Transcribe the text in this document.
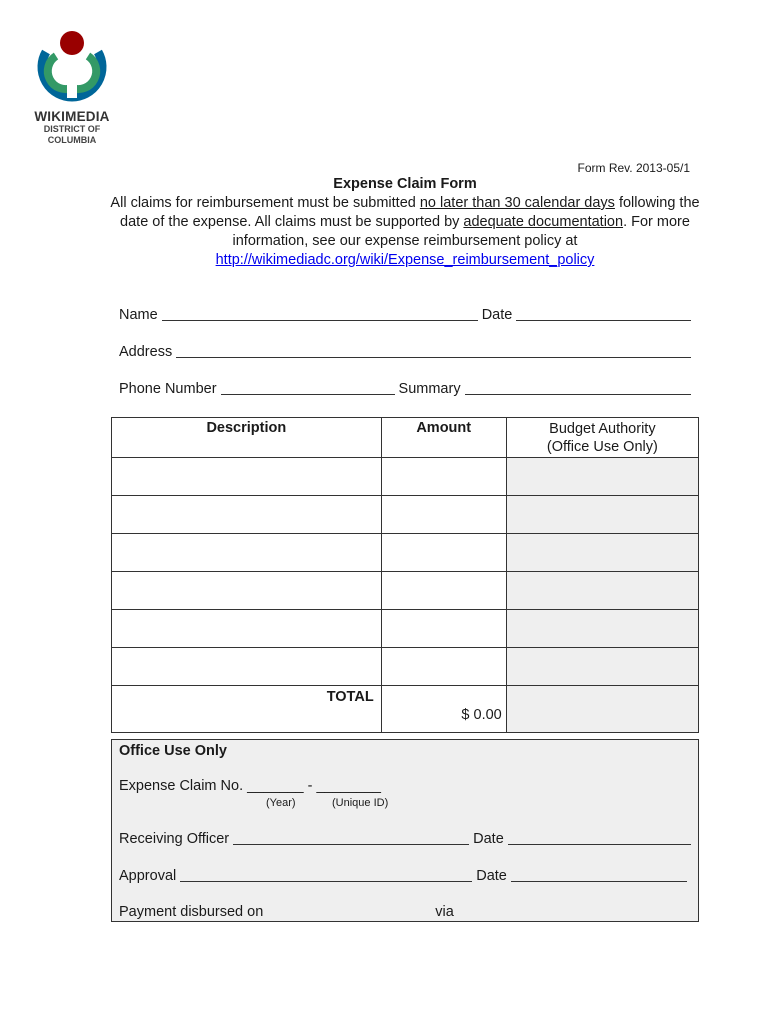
WIKIMEDIA
DISTRICT OF
COLUMBIA
Form Rev. 2013-05/1
Expense Claim Form
All claims for reimbursement must be submitted no later than 30 calendar days following the date of the expense. All claims must be supported by adequate documentation. For more information, see our expense reimbursement policy at
http://wikimediadc.org/wiki/Expense_reimbursement_policy
Name	Date
Address
Phone Number	Summary
Description	Amount	Budget Authority
(Office Use Only)

TOTAL	$ 0.00	
Office Use Only
Expense Claim No. _______ - ________
(Year)	(Unique ID)
Receiving Officer	Date
Approval	Date
Payment disbursed on	via
